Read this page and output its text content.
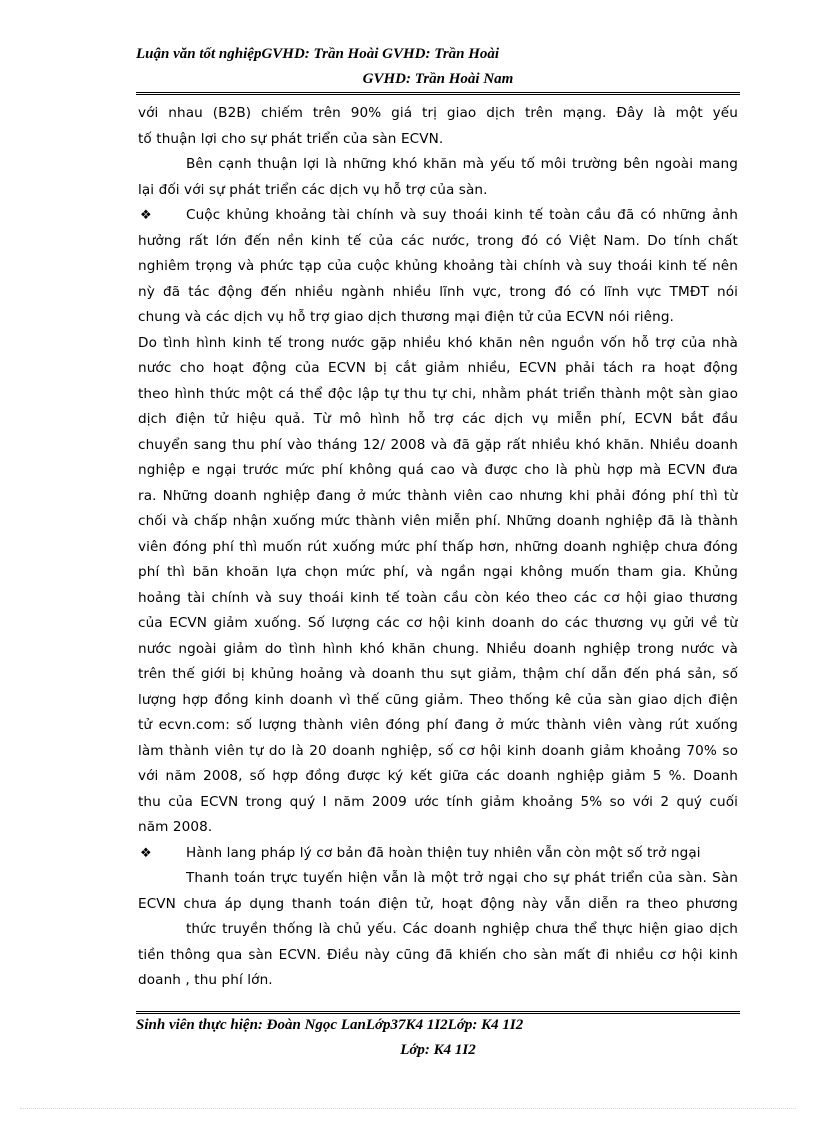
Luận văn tốt nghiệpGVHD: Trần Hoài GVHD: Trần Hoài
GVHD: Trần Hoài Nam
với nhau (B2B) chiếm trên 90% giá trị giao dịch trên mạng. Đây là một yếu
tố thuận lợi cho sự phát triển của sàn ECVN.
Bên cạnh thuận lợi là những khó khăn mà yếu tố môi trường bên ngoài mang
lại đối với sự phát triển các dịch vụ hỗ trợ của sàn.
❖	Cuộc khủng khoảng tài chính và suy thoái kinh tế toàn cầu đã có những ảnh
hưởng rất lớn đến nền kinh tế của các nước, trong đó có Việt Nam. Do tính chất
nghiêm trọng và phức tạp của cuộc khủng khoảng tài chính và suy thoái kinh tế nên
nỳ đã tác động đến nhiều ngành nhiều lĩnh vực, trong đó có lĩnh vực TMĐT nói
chung và các dịch vụ hỗ trợ giao dịch thương mại điện tử của ECVN nói riêng.
Do tình hình kinh tế trong nước gặp nhiều khó khăn nên nguồn vốn hỗ trợ của nhà
nước cho hoạt động của ECVN bị cắt giảm nhiều, ECVN phải tách ra hoạt động
theo hình thức một cá thể độc lập tự thu tự chi, nhằm phát triển thành một sàn giao
dịch điện tử hiệu quả. Từ mô hình hỗ trợ các dịch vụ miễn phí, ECVN bắt đầu
chuyển sang thu phí vào tháng 12/ 2008 và đã gặp rất nhiều khó khăn. Nhiều doanh
nghiệp e ngại trước mức phí không quá cao và được cho là phù hợp mà ECVN đưa
ra. Những doanh nghiệp đang ở mức thành viên cao nhưng khi phải đóng phí thì từ
chối và chấp nhận xuống mức thành viên miễn phí. Những doanh nghiệp đã là thành
viên đóng phí thì muốn rút xuống mức phí thấp hơn, những doanh nghiệp chưa đóng
phí thì băn khoăn lựa chọn mức phí, và ngần ngại không muốn tham gia. Khủng
hoảng tài chính và suy thoái kinh tế toàn cầu còn kéo theo các cơ hội giao thương
của ECVN giảm xuống. Số lượng các cơ hội kinh doanh do các thương vụ gửi về từ
nước ngoài giảm do tình hình khó khăn chung. Nhiều doanh nghiệp trong nước và
trên thế giới bị khủng hoảng và doanh thu sụt giảm, thậm chí dẫn đến phá sản, số
lượng hợp đồng kinh doanh vì thế cũng giảm. Theo thống kê của sàn giao dịch điện
tử ecvn.com: số lượng thành viên đóng phí đang ở mức thành viên vàng rút xuống
làm thành viên tự do là 20 doanh nghiệp, số cơ hội kinh doanh giảm khoảng 70% so
với năm 2008, số hợp đồng được ký kết giữa các doanh nghiệp giảm 5 %. Doanh
thu của ECVN trong quý I năm 2009 ước tính giảm khoảng 5% so với 2 quý cuối
năm 2008.
❖	Hành lang pháp lý cơ bản đã hoàn thiện tuy nhiên vẫn còn một số trở ngại
Thanh toán trực tuyến hiện vẫn là một trở ngại cho sự phát triển của sàn. Sàn
ECVN chưa áp dụng thanh toán điện tử, hoạt động này vẫn diễn ra theo phương
thức truyền thống là chủ yếu. Các doanh nghiệp chưa thể thực hiện giao dịch
tiền thông qua sàn ECVN. Điều này cũng đã khiến cho sàn mất đi nhiều cơ hội kinh
doanh , thu phí lớn.
Sinh viên thực hiện: Đoàn Ngọc LanLớp37K4 1I2Lớp: K4 1I2
Lớp: K4 1I2
